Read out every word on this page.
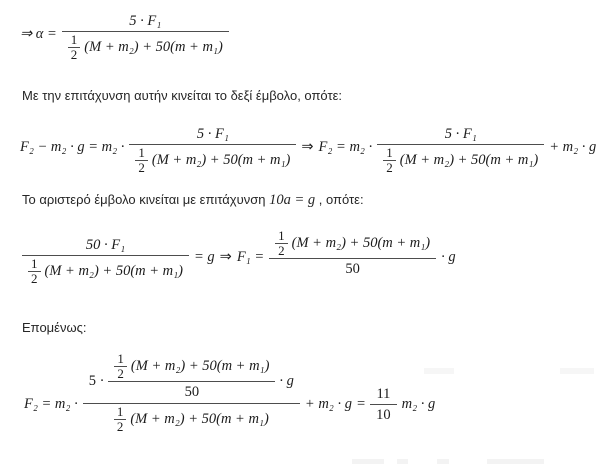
⇒ $\alpha = \frac{\text{5 · F₁}}{\frac{1}{2} (M + m_2) + 50(m + m_1)}$
Με την επιτάχυνση αυτήν κινείται το δεξί έμβολο, οπότε:
$F_2 - m_2 \cdot g = m_2 \cdot \frac{\text{5 · F₁}}{\frac{1}{2} (M + m_2) + 50(m + m_1)}$ ⇒ $F_2 = m_2 \cdot \frac{\text{5 · F₁}}{\frac{1}{2} (M + m_2) + 50(m + m_1)} + m_2 \cdot g$
Το αριστερό έμβολο κινείται με επιτάχυνση 10a = g , οπότε:
$\frac{\text{50 · F₁}}{\frac{1}{2} (M + m_2) + 50(m + m_1)} = g$ ⇒ $F_1 = \frac{\frac{1}{2} (M + m_2) + 50(m + m_1)}{50} \cdot g$
Επομένως:
F₂ = m₂ ·
5 ·
$\frac{1}{2} (M + m_2) + 50(m + m_1)$
50
· g
$\frac{1}{2} (M + m_2) + 50(m + m_1)$
+ $m_2 \cdot g = \frac{11}{10} m_2 \cdot g$
